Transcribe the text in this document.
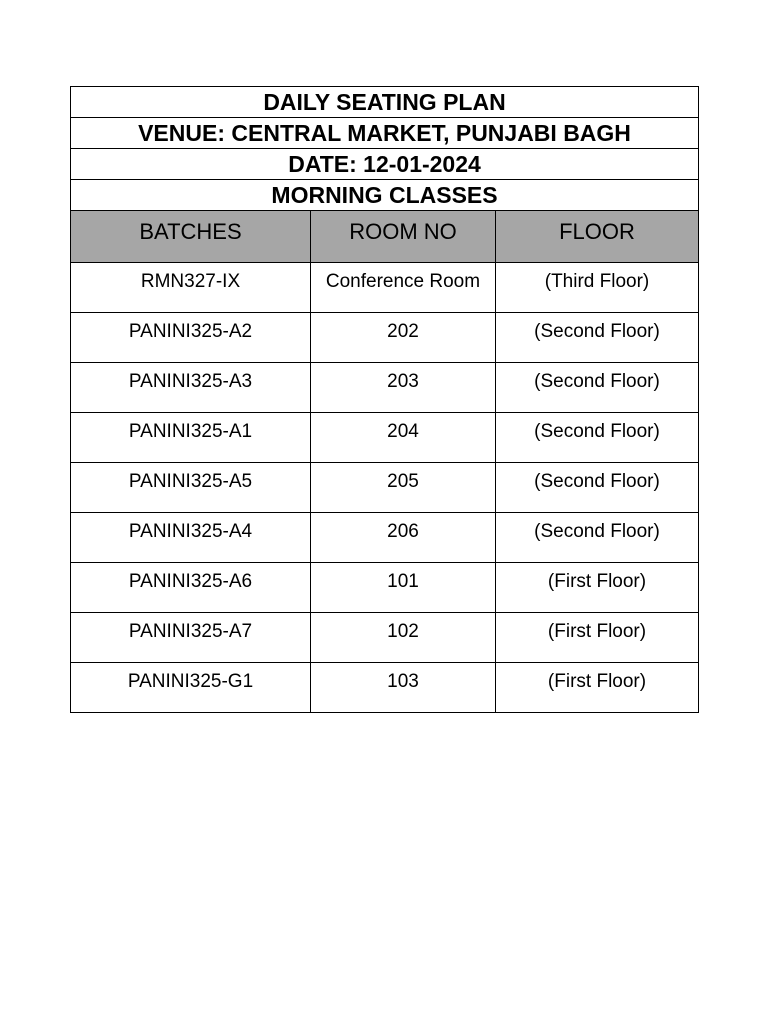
DAILY SEATING PLAN		
VENUE: CENTRAL MARKET, PUNJABI BAGH		
DATE: 12-01-2024		
MORNING CLASSES		
BATCHES	ROOM NO	FLOOR
RMN327-IX	Conference Room	(Third Floor)
PANINI325-A2	202	(Second Floor)
PANINI325-A3	203	(Second Floor)
PANINI325-A1	204	(Second Floor)
PANINI325-A5	205	(Second Floor)
PANINI325-A4	206	(Second Floor)
PANINI325-A6	101	(First Floor)
PANINI325-A7	102	(First Floor)
PANINI325-G1	103	(First Floor)
